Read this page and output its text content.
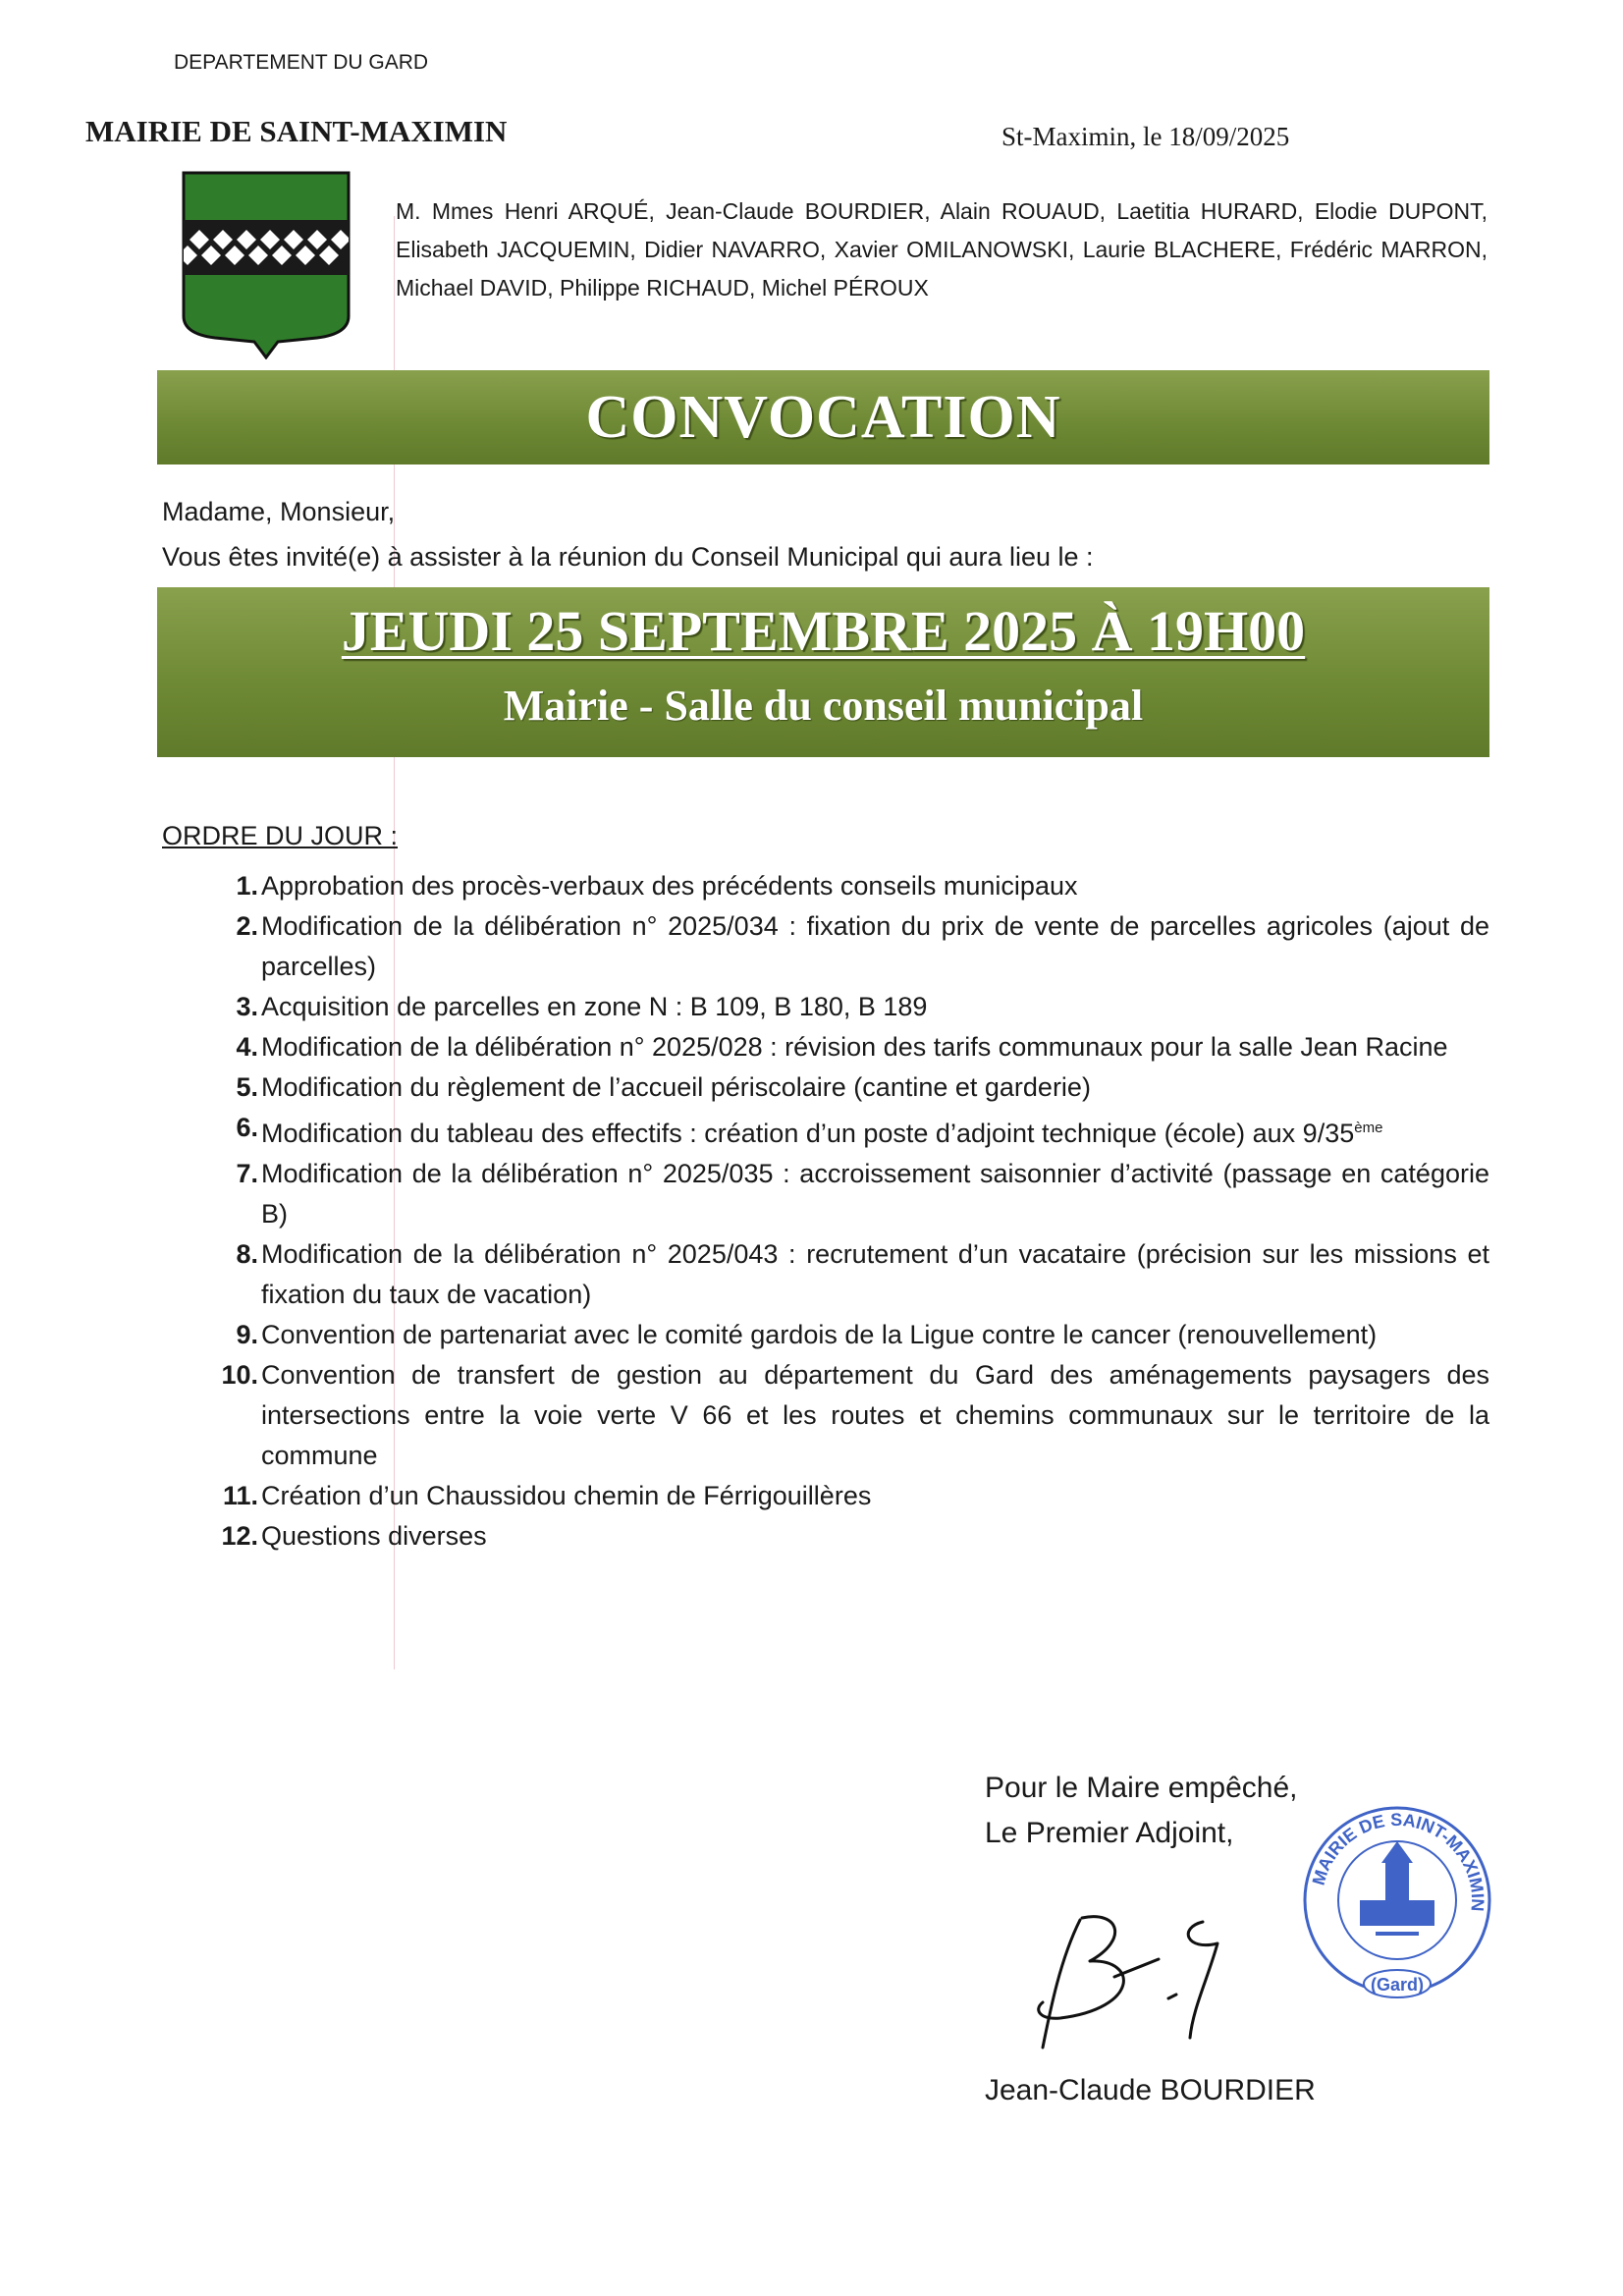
DEPARTEMENT DU GARD
MAIRIE DE SAINT-MAXIMIN	St-Maximin, le 18/09/2025
M. Mmes Henri ARQUÉ, Jean-Claude BOURDIER, Alain ROUAUD, Laetitia HURARD, Elodie DUPONT, Elisabeth JACQUEMIN, Didier NAVARRO, Xavier OMILANOWSKI, Laurie BLACHERE, Frédéric MARRON, Michael DAVID, Philippe RICHAUD, Michel PÉROUX
CONVOCATION
Madame, Monsieur,
Vous êtes invité(e) à assister à la réunion du Conseil Municipal qui aura lieu le :
JEUDI 25 SEPTEMBRE 2025 À 19H00
Mairie - Salle du conseil municipal
ORDRE DU JOUR :
1. Approbation des procès-verbaux des précédents conseils municipaux
2. Modification de la délibération n° 2025/034 : fixation du prix de vente de parcelles agricoles (ajout de parcelles)
3. Acquisition de parcelles en zone N : B 109, B 180, B 189
4. Modification de la délibération n° 2025/028 : révision des tarifs communaux pour la salle Jean Racine
5. Modification du règlement de l’accueil périscolaire (cantine et garderie)
6. Modification du tableau des effectifs : création d’un poste d’adjoint technique (école) aux 9/35ème
7. Modification de la délibération n° 2025/035 : accroissement saisonnier d’activité (passage en catégorie B)
8. Modification de la délibération n° 2025/043 : recrutement d’un vacataire (précision sur les missions et fixation du taux de vacation)
9. Convention de partenariat avec le comité gardois de la Ligue contre le cancer (renouvellement)
10. Convention de transfert de gestion au département du Gard des aménagements paysagers des intersections entre la voie verte V 66 et les routes et chemins communaux sur le territoire de la commune
11. Création d’un Chaussidou chemin de Férrigouillères
12. Questions diverses
Pour le Maire empêché,
Le Premier Adjoint,
MAIRIE DE SAINT-MAXIMIN
(Gard)
Jean-Claude BOURDIER
